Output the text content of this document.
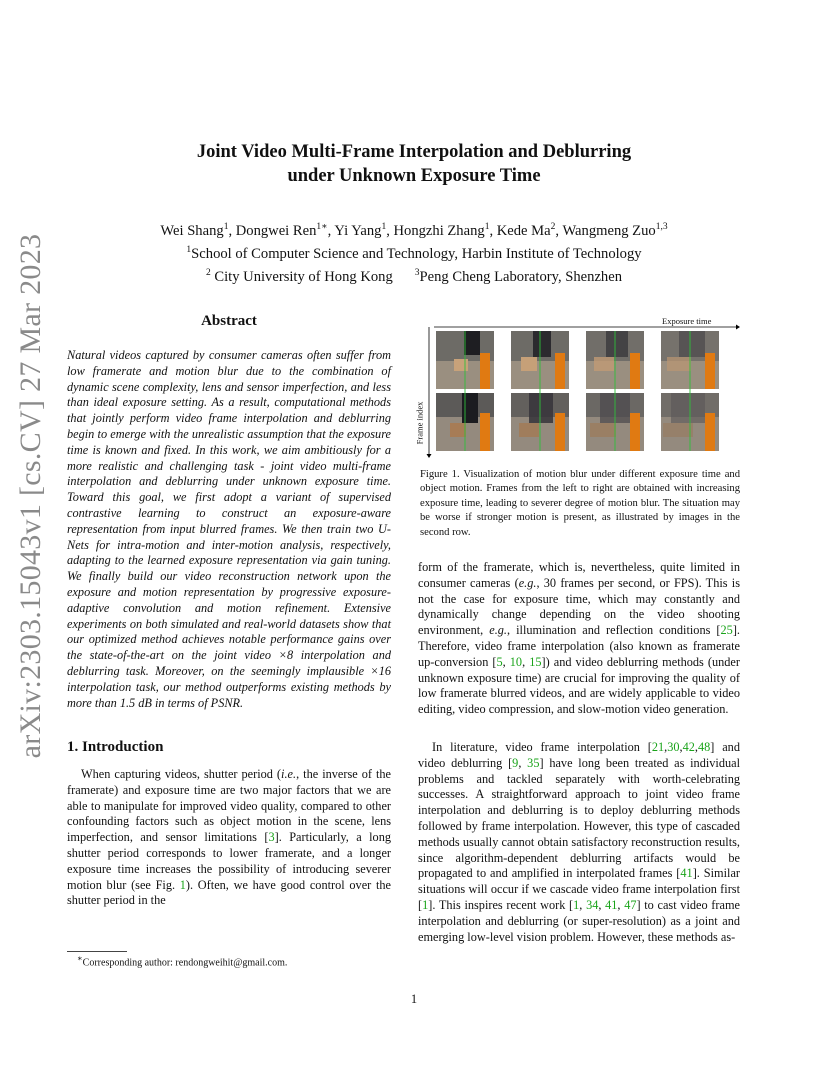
arXiv:2303.15043v1 [cs.CV] 27 Mar 2023
Joint Video Multi-Frame Interpolation and Deblurring
under Unknown Exposure Time
Wei Shang$^1$, Dongwei Ren$^{1∗}$, Yi Yang$^1$, Hongzhi Zhang$^1$, Kede Ma$^2$, Wangmeng Zuo$^{1,3}$
$^1$School of Computer Science and Technology, Harbin Institute of Technology
$^2$ City University of Hong Kong $^3$Peng Cheng Laboratory, Shenzhen
Abstract

Natural videos captured by consumer cameras often suffer from low framerate and motion blur due to the combination of dynamic scene complexity, lens and sensor imperfection, and less than ideal exposure setting. As a result, computational methods that jointly perform video frame interpolation and deblurring begin to emerge with the unrealistic assumption that the exposure time is known and fixed. In this work, we aim ambitiously for a more realistic and challenging task - joint video multi-frame interpolation and deblurring under unknown exposure time. Toward this goal, we first adopt a variant of supervised contrastive learning to construct an exposure-aware representation from input blurred frames. We then train two U-Nets for intra-motion and inter-motion analysis, respectively, adapting to the learned exposure representation via gain tuning. We finally build our video reconstruction network upon the exposure and motion representation by progressive exposure-adaptive convolution and motion refinement. Extensive experiments on both simulated and real-world datasets show that our optimized method achieves notable performance gains over the state-of-the-art on the joint video ×8 interpolation and deblurring task. Moreover, on the seemingly implausible ×16 interpolation task, our method outperforms existing methods by more than 1.5 dB in terms of PSNR.

1. Introduction

When capturing videos, shutter period (i.e., the inverse of the framerate) and exposure time are two major factors that we are able to manipulate for improved video quality, compared to other confounding factors such as object motion in the scene, lens imperfection, and sensor limitations [3]. Particularly, a long shutter period corresponds to lower framerate, and a longer exposure time increases the possibility of introducing severer motion blur (see Fig. 1). Often, we have good control over the shutter period in the

∗Corresponding author: rendongweihit@gmail.com.
Exposure time
Frame index
Figure 1. Visualization of motion blur under different exposure time and object motion. Frames from the left to right are obtained with increasing exposure time, leading to severer degree of motion blur. The situation may be worse if stronger motion is present, as illustrated by images in the second row.

form of the framerate, which is, nevertheless, quite limited in consumer cameras (e.g., 30 frames per second, or FPS). This is not the case for exposure time, which may constantly and dynamically change depending on the video shooting environment, e.g., illumination and reflection conditions [25]. Therefore, video frame interpolation (also known as framerate up-conversion [5, 10, 15]) and video deblurring methods (under unknown exposure time) are crucial for improving the quality of low framerate blurred videos, and are widely applicable to video editing, video compression, and slow-motion video generation.

In literature, video frame interpolation [21,30,42,48] and video deblurring [9, 35] have long been treated as individual problems and tackled separately with worth-celebrating successes. A straightforward approach to joint video frame interpolation and deblurring is to deploy deblurring methods followed by frame interpolation. However, this type of cascaded methods usually cannot obtain satisfactory reconstruction results, since algorithm-dependent deblurring artifacts would be propagated to and amplified in interpolated frames [41]. Similar situations will occur if we cascade video frame interpolation first [1]. This inspires recent work [1, 34, 41, 47] to cast video frame interpolation and deblurring (or super-resolution) as a joint and emerging low-level vision problem. However, these methods as-

1
